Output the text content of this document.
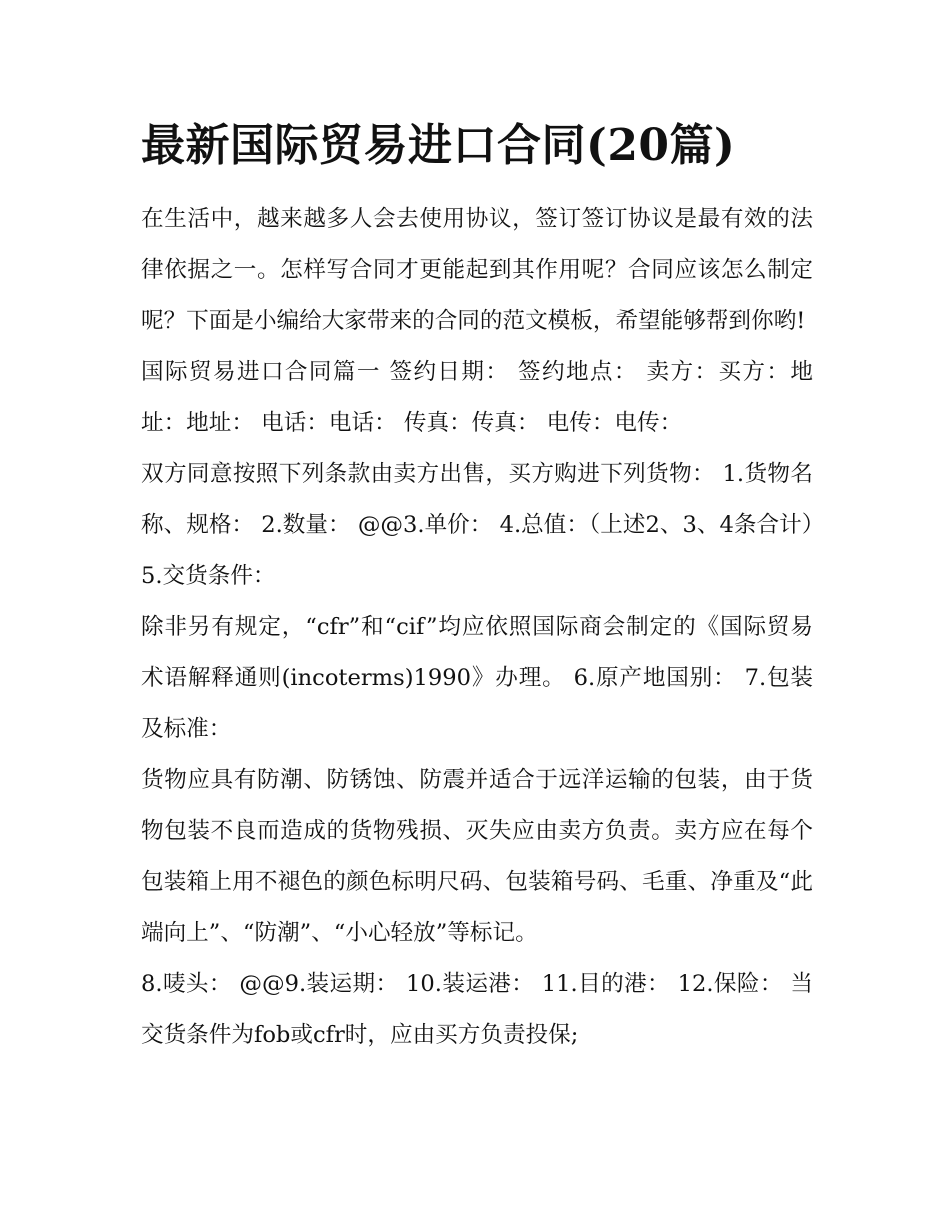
最新国际贸易进口合同(20篇)

在生活中，越来越多人会去使用协议，签订签订协议是最有效的法律依据之一。怎样写合同才更能起到其作用呢？合同应该怎么制定呢？下面是小编给大家带来的合同的范文模板，希望能够帮到你哟!

国际贸易进口合同篇一 签约日期： 签约地点： 卖方：买方：地址：地址： 电话：电话： 传真：传真： 电传：电传：

双方同意按照下列条款由卖方出售，买方购进下列货物： 1.货物名称、规格： 2.数量： @@3.单价： 4.总值：（上述2、3、4条合计）5.交货条件：

除非另有规定，“cfr”和“cif”均应依照国际商会制定的《国际贸易术语解释通则(incoterms)1990》办理。 6.原产地国别： 7.包装及标准：

货物应具有防潮、防锈蚀、防震并适合于远洋运输的包装，由于货物包装不良而造成的货物残损、灭失应由卖方负责。卖方应在每个包装箱上用不褪色的颜色标明尺码、包装箱号码、毛重、净重及“此端向上”、“防潮”、“小心轻放”等标记。

8.唛头： @@9.装运期： 10.装运港： 11.目的港： 12.保险： 当交货条件为fob或cfr时，应由买方负责投保;
